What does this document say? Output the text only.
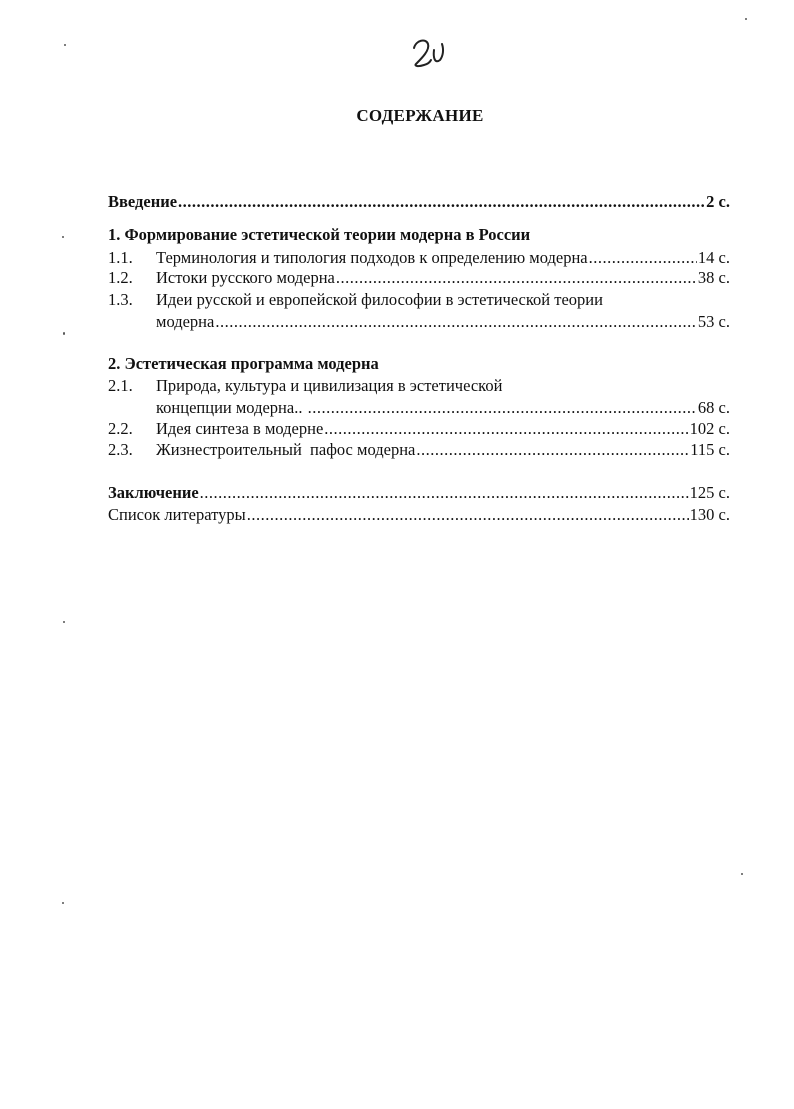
СОДЕРЖАНИЕ
Введение .....	2 с.
1. Формирование эстетической теории модерна в России
1.1.	Терминология и типология подходов к определению модерна .....	14 с.
1.2.	Истоки русского модерна .....	38 с.
1.3.	Идеи русской и европейской философии в эстетической теории
модерна .....	53 с.
2. Эстетическая программа модерна
2.1.	Природа, культура и цивилизация в эстетической
концепции модерна.. .....	68 с.
2.2.	Идея синтеза в модерне .....	102 с.
2.3.	Жизнестроительный  пафос модерна .....	115 с.
Заключение .....	125 с.
Список литературы .....	130 с.
